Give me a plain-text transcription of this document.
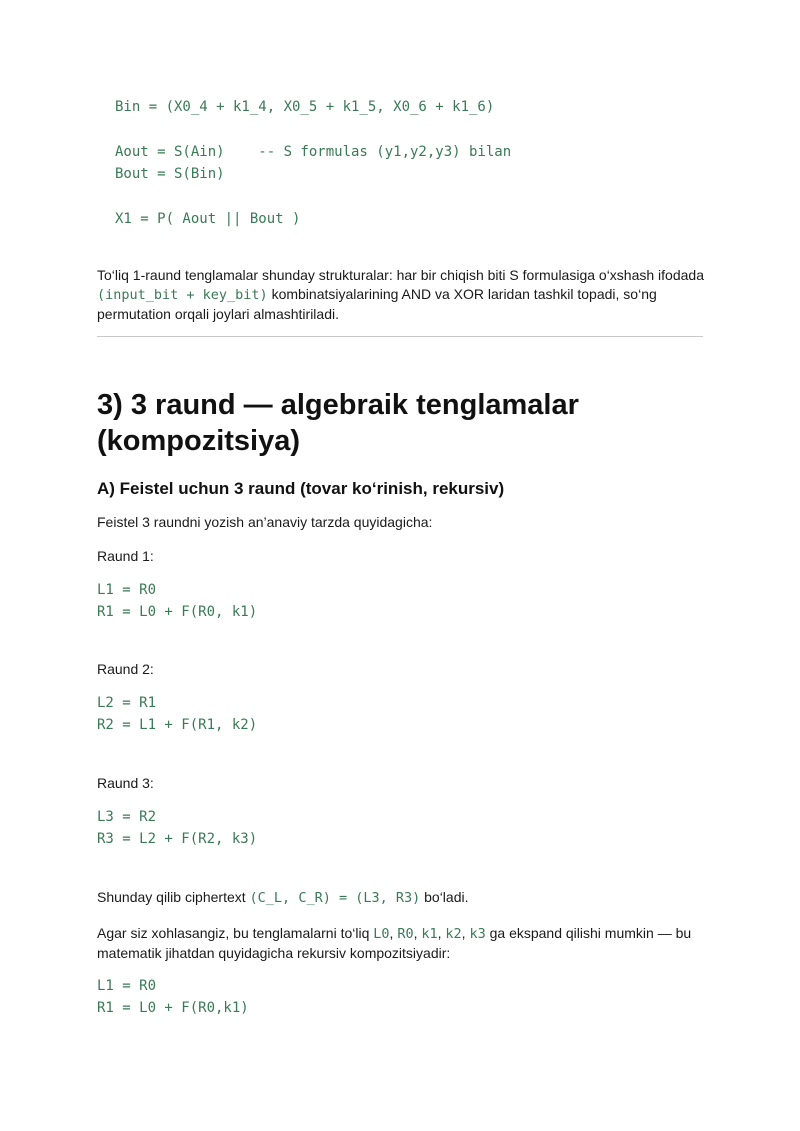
Bin = (X0_4 + k1_4, X0_5 + k1_5, X0_6 + k1_6)
Aout = S(Ain)    -- S formulas (y1,y2,y3) bilan
Bout = S(Bin)
X1 = P( Aout || Bout )

To‘liq 1-raund tenglamalar shunday strukturalar: har bir chiqish biti S formulasiga o‘xshash ifodada (input_bit + key_bit) kombinatsiyalarining AND va XOR laridan tashkil topadi, so‘ng permutation orqali joylari almashtiriladi.

3) 3 raund — algebraik tenglamalar (kompozitsiya)
A) Feistel uchun 3 raund (tovar ko‘rinish, rekursiv)

Feistel 3 raundni yozish an’anaviy tarzda quyidagicha:

Raund 1:

L1 = R0
R1 = L0 + F(R0, k1)

Raund 2:

L2 = R1
R2 = L1 + F(R1, k2)

Raund 3:

L3 = R2
R3 = L2 + F(R2, k3)

Shunday qilib ciphertext (C_L, C_R) = (L3, R3) bo‘ladi.

Agar siz xohlasangiz, bu tenglamalarni to‘liq L0, R0, k1, k2, k3 ga ekspand qilishi mumkin — bu matematik jihatdan quyidagicha rekursiv kompozitsiyadir:

L1 = R0
R1 = L0 + F(R0,k1)
